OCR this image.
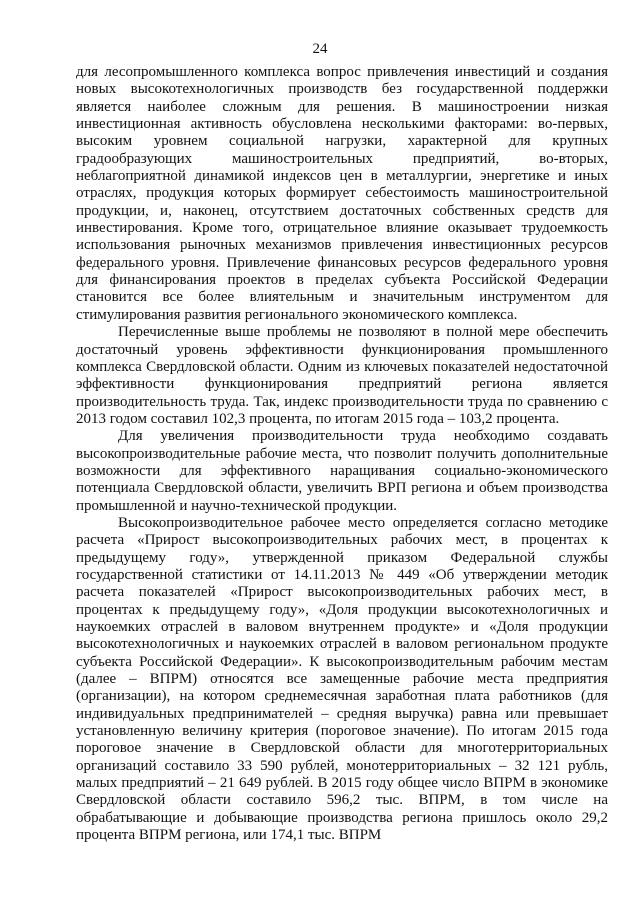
24

для лесопромышленного комплекса вопрос привлечения инвестиций и создания новых высокотехнологичных производств без государственной поддержки является наиболее сложным для решения. В машиностроении низкая инвестиционная активность обусловлена несколькими факторами: во-первых, высоким уровнем социальной нагрузки, характерной для крупных градообразующих машиностроительных предприятий, во-вторых, неблагоприятной динамикой индексов цен в металлургии, энергетике и иных отраслях, продукция которых формирует себестоимость машиностроительной продукции, и, наконец, отсутствием достаточных собственных средств для инвестирования. Кроме того, отрицательное влияние оказывает трудоемкость использования рыночных механизмов привлечения инвестиционных ресурсов федерального уровня. Привлечение финансовых ресурсов федерального уровня для финансирования проектов в пределах субъекта Российской Федерации становится все более влиятельным и значительным инструментом для стимулирования развития регионального экономического комплекса.

Перечисленные выше проблемы не позволяют в полной мере обеспечить достаточный уровень эффективности функционирования промышленного комплекса Свердловской области. Одним из ключевых показателей недостаточной эффективности функционирования предприятий региона является производительность труда. Так, индекс производительности труда по сравнению с 2013 годом составил 102,3 процента, по итогам 2015 года – 103,2 процента.

Для увеличения производительности труда необходимо создавать высокопроизводительные рабочие места, что позволит получить дополнительные возможности для эффективного наращивания социально-экономического потенциала Свердловской области, увеличить ВРП региона и объем производства промышленной и научно-технической продукции.

Высокопроизводительное рабочее место определяется согласно методике расчета «Прирост высокопроизводительных рабочих мест, в процентах к предыдущему году», утвержденной приказом Федеральной службы государственной статистики от 14.11.2013 № 449 «Об утверждении методик расчета показателей «Прирост высокопроизводительных рабочих мест, в процентах к предыдущему году», «Доля продукции высокотехнологичных и наукоемких отраслей в валовом внутреннем продукте» и «Доля продукции высокотехнологичных и наукоемких отраслей в валовом региональном продукте субъекта Российской Федерации». К высокопроизводительным рабочим местам (далее – ВПРМ) относятся все замещенные рабочие места предприятия (организации), на котором среднемесячная заработная плата работников (для индивидуальных предпринимателей – средняя выручка) равна или превышает установленную величину критерия (пороговое значение). По итогам 2015 года пороговое значение в Свердловской области для многотерриториальных организаций составило 33 590 рублей, монотерриториальных – 32 121 рубль, малых предприятий – 21 649 рублей. В 2015 году общее число ВПРМ в экономике Свердловской области составило 596,2 тыс. ВПРМ, в том числе на обрабатывающие и добывающие производства региона пришлось около 29,2 процента ВПРМ региона, или 174,1 тыс. ВПРМ
